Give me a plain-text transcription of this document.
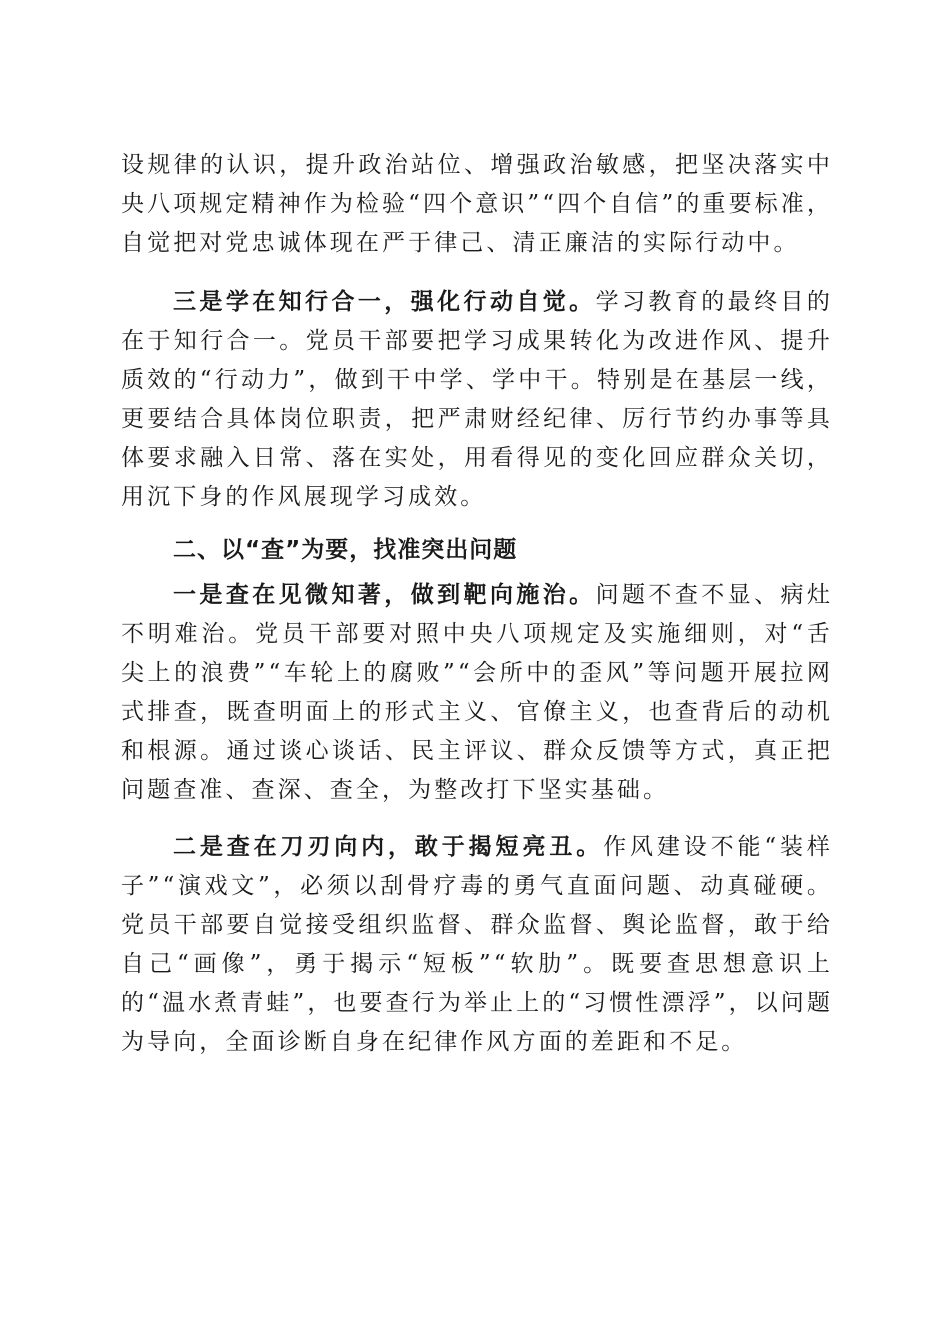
设规律的认识，提升政治站位、增强政治敏感，把坚决落实中央八项规定精神作为检验“四个意识”“四个自信”的重要标准，自觉把对党忠诚体现在严于律己、清正廉洁的实际行动中。

三是学在知行合一，强化行动自觉。学习教育的最终目的在于知行合一。党员干部要把学习成果转化为改进作风、提升质效的“行动力”，做到干中学、学中干。特别是在基层一线，更要结合具体岗位职责，把严肃财经纪律、厉行节约办事等具体要求融入日常、落在实处，用看得见的变化回应群众关切，用沉下身的作风展现学习成效。

二、以“查”为要，找准突出问题

一是查在见微知著，做到靶向施治。问题不查不显、病灶不明难治。党员干部要对照中央八项规定及实施细则，对“舌尖上的浪费”“车轮上的腐败”“会所中的歪风”等问题开展拉网式排查，既查明面上的形式主义、官僚主义，也查背后的动机和根源。通过谈心谈话、民主评议、群众反馈等方式，真正把问题查准、查深、查全，为整改打下坚实基础。

二是查在刀刃向内，敢于揭短亮丑。作风建设不能“装样子”“演戏文”，必须以刮骨疗毒的勇气直面问题、动真碰硬。党员干部要自觉接受组织监督、群众监督、舆论监督，敢于给自己“画像”，勇于揭示“短板”“软肋”。既要查思想意识上的“温水煮青蛙”，也要查行为举止上的“习惯性漂浮”，以问题为导向，全面诊断自身在纪律作风方面的差距和不足。
